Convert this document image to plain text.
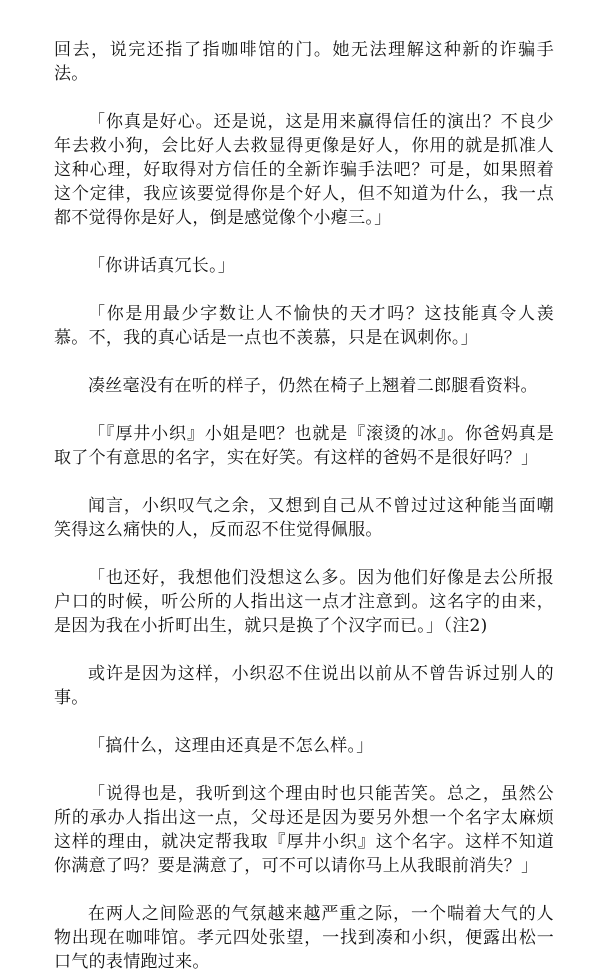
回去，说完还指了指咖啡馆的门。她无法理解这种新的诈骗手法。

「你真是好心。还是说，这是用来赢得信任的演出？不良少年去救小狗，会比好人去救显得更像是好人，你用的就是抓准人这种心理，好取得对方信任的全新诈骗手法吧？可是，如果照着这个定律，我应该要觉得你是个好人，但不知道为什么，我一点都不觉得你是好人，倒是感觉像个小瘪三。」

「你讲话真冗长。」

「你是用最少字数让人不愉快的天才吗？这技能真令人羡慕。不，我的真心话是一点也不羡慕，只是在讽刺你。」

凑丝毫没有在听的样子，仍然在椅子上翘着二郎腿看资料。

「『厚井小织』小姐是吧？也就是『滚烫的冰』。你爸妈真是取了个有意思的名字，实在好笑。有这样的爸妈不是很好吗？」

闻言，小织叹气之余，又想到自己从不曾过过这种能当面嘲笑得这么痛快的人，反而忍不住觉得佩服。

「也还好，我想他们没想这么多。因为他们好像是去公所报户口的时候，听公所的人指出这一点才注意到。这名字的由来，是因为我在小折町出生，就只是换了个汉字而已。」（注2)

或许是因为这样，小织忍不住说出以前从不曾告诉过别人的事。

「搞什么，这理由还真是不怎么样。」

「说得也是，我听到这个理由时也只能苦笑。总之，虽然公所的承办人指出这一点，父母还是因为要另外想一个名字太麻烦这样的理由，就决定帮我取『厚井小织』这个名字。这样不知道你满意了吗？要是满意了，可不可以请你马上从我眼前消失？」

在两人之间险恶的气氛越来越严重之际，一个喘着大气的人物出现在咖啡馆。孝元四处张望，一找到凑和小织，便露出松一口气的表情跑过来。
